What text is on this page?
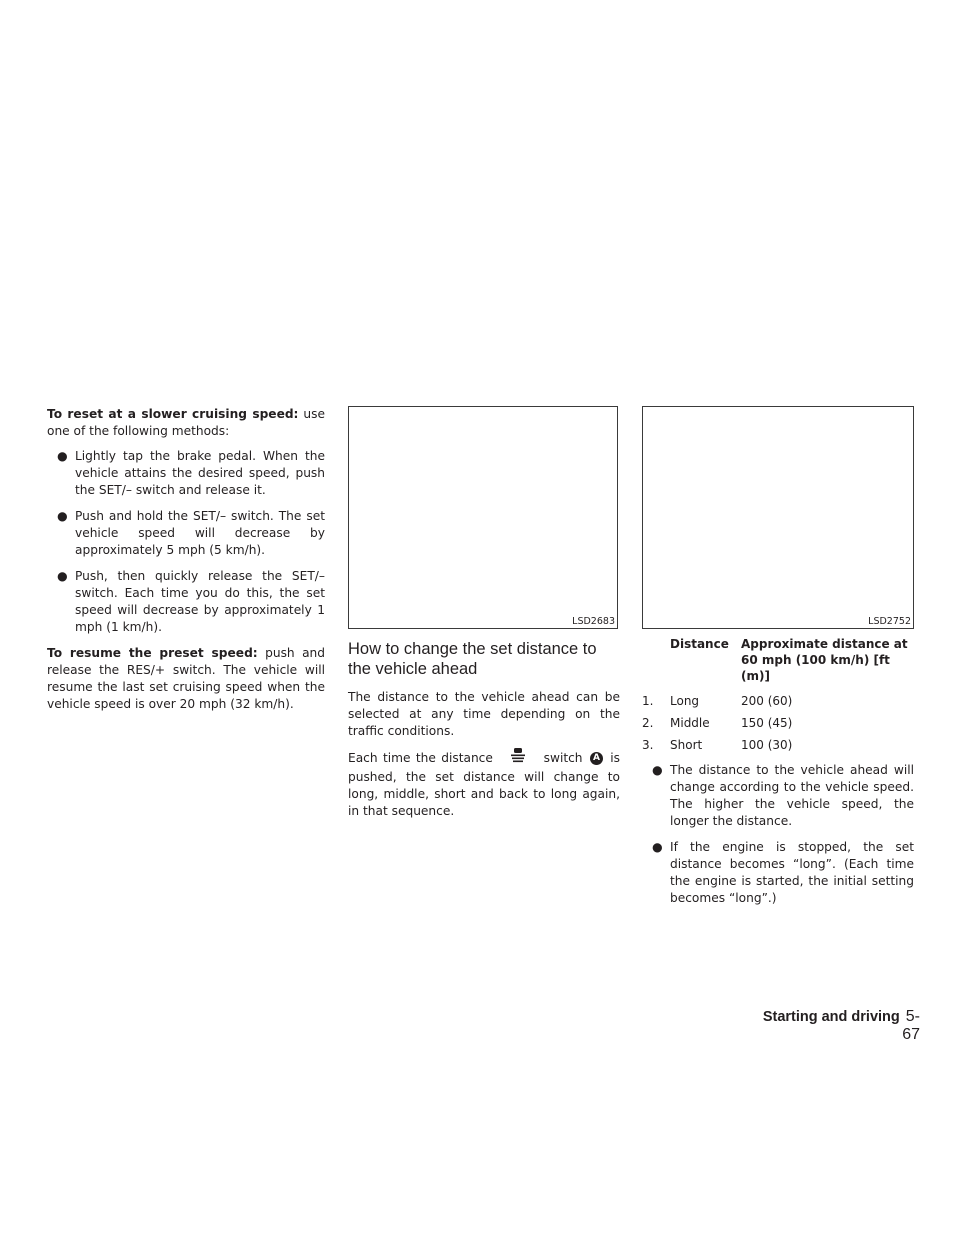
To reset at a slower cruising speed: use one of the following methods:

● Lightly tap the brake pedal. When the vehicle attains the desired speed, push the SET/– switch and release it.
● Push and hold the SET/– switch. The set vehicle speed will decrease by approximately 5 mph (5 km/h).
● Push, then quickly release the SET/– switch. Each time you do this, the set speed will decrease by approximately 1 mph (1 km/h).

To resume the preset speed: push and release the RES/+ switch. The vehicle will resume the last set cruising speed when the vehicle speed is over 20 mph (32 km/h).

LSD2683
How to change the set distance to the vehicle ahead

The distance to the vehicle ahead can be selected at any time depending on the traffic conditions.

Each time the distance	switch A is pushed, the set distance will change to long, middle, short and back to long again, in that sequence.

LSD2752
	Distance	Approximate distance at 60 mph (100 km/h) [ft (m)]
1.	Long	200 (60)
2.	Middle	150 (45)
3.	Short	100 (30)
● The distance to the vehicle ahead will change according to the vehicle speed. The higher the vehicle speed, the longer the distance.
● If the engine is stopped, the set distance becomes “long”. (Each time the engine is started, the initial setting becomes “long”.)
Starting and driving 5-67
